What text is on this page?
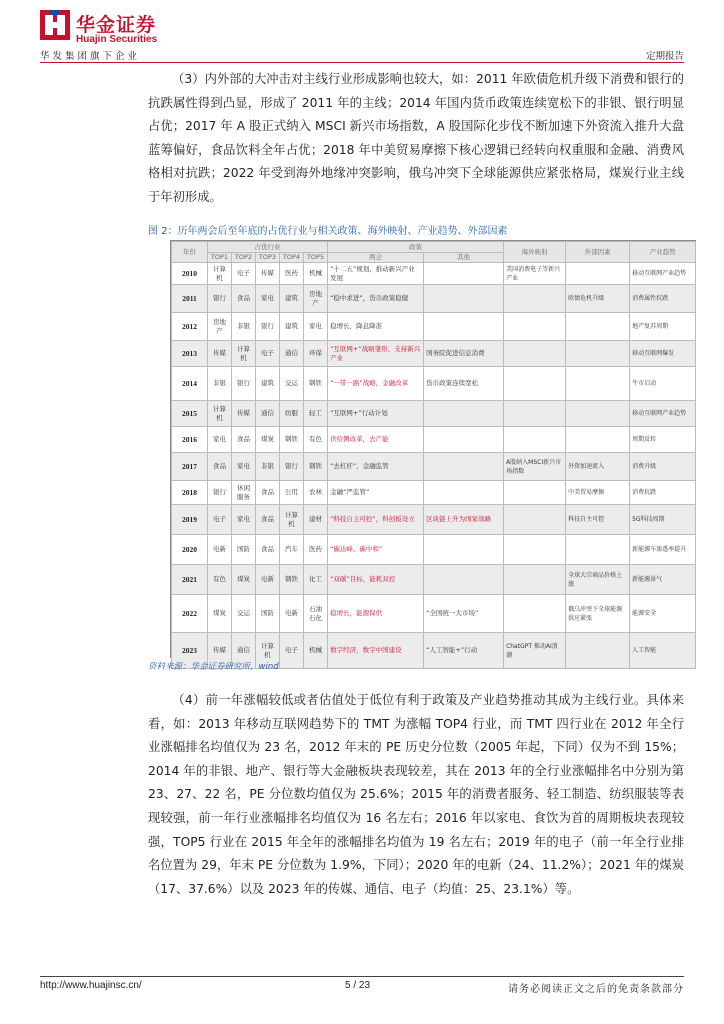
华金证券
Huajin Securities
华发集团旗下企业	定期报告
（3）内外部的大冲击对主线行业形成影响也较大，如：2011 年欧债危机升级下消费和银行的抗跌属性得到凸显，形成了 2011 年的主线；2014 年国内货币政策连续宽松下的非银、银行明显占优；2017 年 A 股正式纳入 MSCI 新兴市场指数，A 股国际化步伐不断加速下外资流入推升大盘蓝筹偏好，食品饮料全年占优；2018 年中美贸易摩擦下核心逻辑已经转向权重服和金融、消费风格相对抗跌；2022 年受到海外地缘冲突影响，俄乌冲突下全球能源供应紧张格局，煤炭行业主线于年初形成。
图 2：历年两会后至年底的占优行业与相关政策、海外映射、产业趋势、外部因素
年份	占优行业					政策		海外映射	外部因素	产业趋势
	TOP1	TOP2	TOP3	TOP4	TOP5	两会	其他			
2010	计算机	电子	传媒	医药	机械	“十二五”规划，推动新兴产业发展		美国消费电子等新兴产业		移动互联网产业趋势
2011	银行	食品	家电	建筑	房地产	“稳中求进”，货币政策稳健			欧债危机升级	消费属性抗跌
2012	房地产	非银	银行	建筑	家电	稳增长，降息降准				地产复苏周期
2013	传媒	计算机	电子	通信	环保	“互联网+”战略雏形，支持新兴产业	国务院促进信息消费			移动互联网爆发
2014	非银	银行	建筑	交运	钢铁	“一带一路”战略，金融改革	货币政策连续宽松			牛市启动
2015	计算机	传媒	通信	纺服	轻工	“互联网+”行动计划				移动互联网产业趋势
2016	家电	食品	煤炭	钢铁	有色	供给侧改革，去产能				周期反转
2017	食品	家电	非银	银行	钢铁	“去杠杆”，金融监管		A股纳入MSCI新兴市场指数	外资加速流入	消费升级
2018	银行	休闲服务	食品	公用	农林	金融“严监管”			中美贸易摩擦	消费抗跌
2019	电子	家电	食品	计算机	建材	“科技自主可控”，科创板设立	区块链上升为国家战略		科技自主可控	5G科技周期
2020	电新	国防	食品	汽车	医药	“碳达峰、碳中和”				新能源车渗透率提升
2021	有色	煤炭	电新	钢铁	化工	“双碳”目标，能耗双控			全球大宗商品价格上涨	新能源景气
2022	煤炭	交运	国防	电新	石油石化	稳增长，能源保供	“全国统一大市场”		俄乌冲突下全球能源供应紧张	能源安全
2023	传媒	通信	计算机	电子	机械	数字经济，数字中国建设	“人工智能+”行动	ChatGPT 推动AI浪潮		人工智能
资料来源：华金证券研究所，wind
（4）前一年涨幅较低或者估值处于低位有利于政策及产业趋势推动其成为主线行业。具体来看，如：2013 年移动互联网趋势下的 TMT 为涨幅 TOP4 行业，而 TMT 四行业在 2012 年全行业涨幅排名均值仅为 23 名，2012 年末的 PE 历史分位数（2005 年起，下同）仅为不到 15%；2014 年的非银、地产、银行等大金融板块表现较差，其在 2013 年的全行业涨幅排名中分别为第 23、27、22 名，PE 分位数均值仅为 25.6%；2015 年的消费者服务、轻工制造、纺织服装等表现较强，前一年行业涨幅排名均值仅为 16 名左右；2016 年以家电、食饮为首的周期板块表现较强，TOP5 行业在 2015 年全年的涨幅排名均值为 19 名左右；2019 年的电子（前一年全行业排名位置为 29，年末 PE 分位数为 1.9%，下同）；2020 年的电新（24、11.2%）；2021 年的煤炭（17、37.6%）以及 2023 年的传媒、通信、电子（均值：25、23.1%）等。
http://www.huajinsc.cn/	5 / 23	请务必阅读正文之后的免责条款部分
